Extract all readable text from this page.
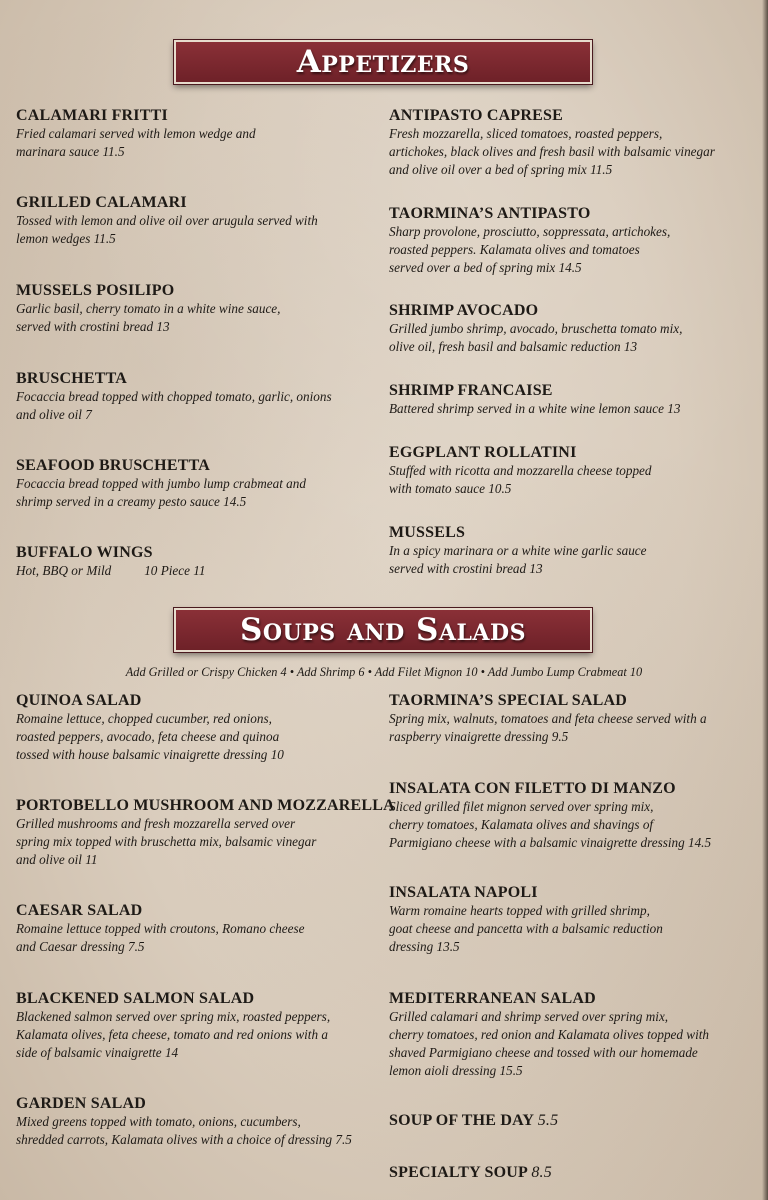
Appetizers
Soups and Salads
Add Grilled or Crispy Chicken 4 • Add Shrimp 6 • Add Filet Mignon 10 • Add Jumbo Lump Crabmeat 10
CALAMARI FRITTI
Fried calamari served with lemon wedge and
marinara sauce 11.5
GRILLED CALAMARI
Tossed with lemon and olive oil over arugula served with
lemon wedges 11.5
MUSSELS POSILIPO
Garlic basil, cherry tomato in a white wine sauce,
served with crostini bread 13
BRUSCHETTA
Focaccia bread topped with chopped tomato, garlic, onions
and olive oil 7
SEAFOOD BRUSCHETTA
Focaccia bread topped with jumbo lump crabmeat and
shrimp served in a creamy pesto sauce 14.5
BUFFALO WINGS
Hot, BBQ or Mild          10 Piece 11
ANTIPASTO CAPRESE
Fresh mozzarella, sliced tomatoes, roasted peppers,
artichokes, black olives and fresh basil with balsamic vinegar
and olive oil over a bed of spring mix 11.5
TAORMINA’S ANTIPASTO
Sharp provolone, prosciutto, soppressata, artichokes,
roasted peppers. Kalamata olives and tomatoes
served over a bed of spring mix 14.5
SHRIMP AVOCADO
Grilled jumbo shrimp, avocado, bruschetta tomato mix,
olive oil, fresh basil and balsamic reduction 13
SHRIMP FRANCAISE
Battered shrimp served in a white wine lemon sauce 13
EGGPLANT ROLLATINI
Stuffed with ricotta and mozzarella cheese topped
with tomato sauce 10.5
MUSSELS
In a spicy marinara or a white wine garlic sauce
served with crostini bread 13
QUINOA SALAD
Romaine lettuce, chopped cucumber, red onions,
roasted peppers, avocado, feta cheese and quinoa
tossed with house balsamic vinaigrette dressing 10
PORTOBELLO MUSHROOM AND MOZZARELLA
Grilled mushrooms and fresh mozzarella served over
spring mix topped with bruschetta mix, balsamic vinegar
and olive oil 11
CAESAR SALAD
Romaine lettuce topped with croutons, Romano cheese
and Caesar dressing 7.5
BLACKENED SALMON SALAD
Blackened salmon served over spring mix, roasted peppers,
Kalamata olives, feta cheese, tomato and red onions with a
side of balsamic vinaigrette 14
GARDEN SALAD
Mixed greens topped with tomato, onions, cucumbers,
shredded carrots, Kalamata olives with a choice of dressing 7.5
TAORMINA’S SPECIAL SALAD
Spring mix, walnuts, tomatoes and feta cheese served with a
raspberry vinaigrette dressing 9.5
INSALATA CON FILETTO DI MANZO
Sliced grilled filet mignon served over spring mix,
cherry tomatoes, Kalamata olives and shavings of
Parmigiano cheese with a balsamic vinaigrette dressing 14.5
INSALATA NAPOLI
Warm romaine hearts topped with grilled shrimp,
goat cheese and pancetta with a balsamic reduction
dressing 13.5
MEDITERRANEAN SALAD
Grilled calamari and shrimp served over spring mix,
cherry tomatoes, red onion and Kalamata olives topped with
shaved Parmigiano cheese and tossed with our homemade
lemon aioli dressing 15.5
SOUP OF THE DAY 5.5
SPECIALTY SOUP 8.5
